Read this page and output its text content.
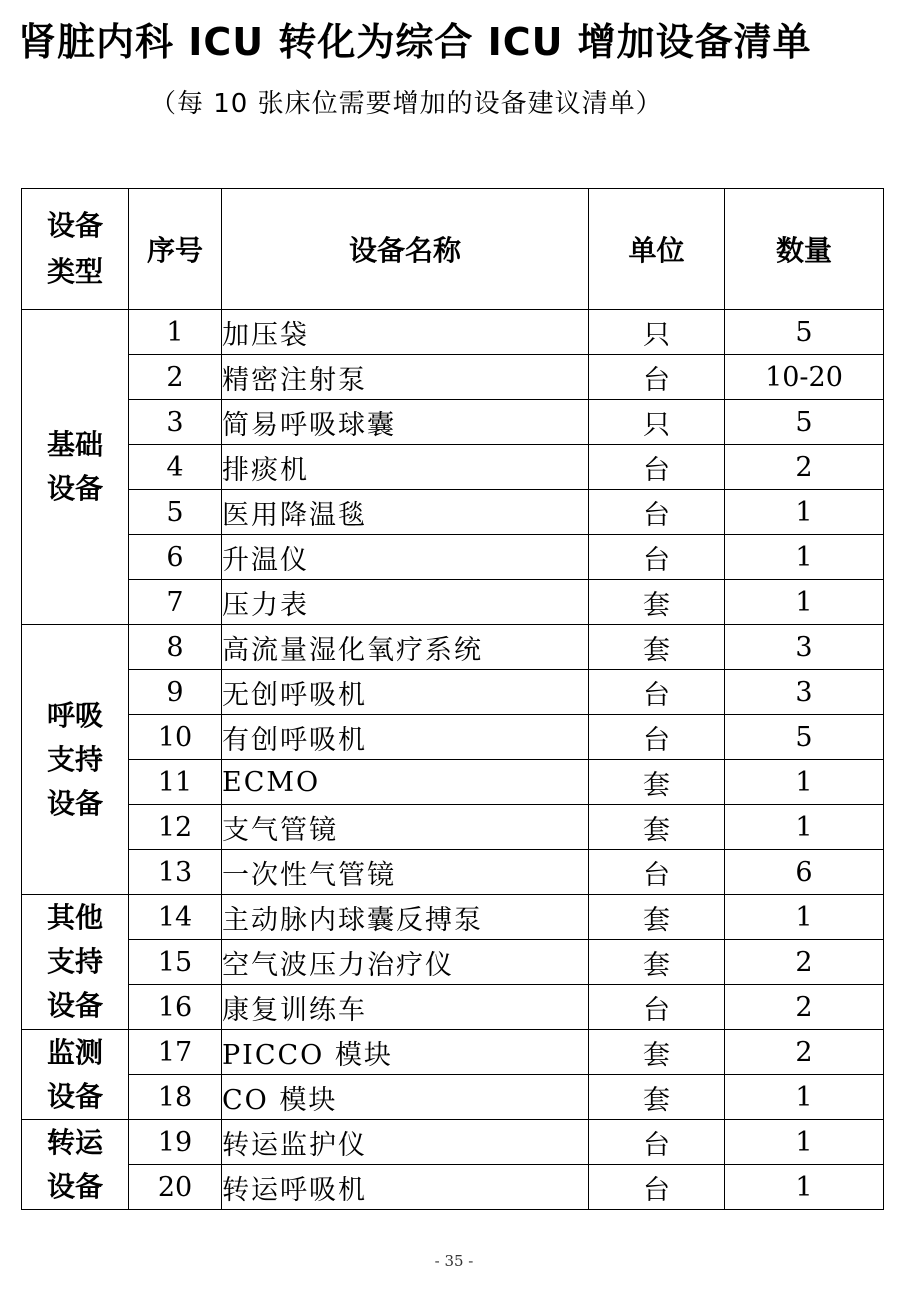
肾脏内科 ICU 转化为综合 ICU 增加设备清单
（每 10 张床位需要增加的设备建议清单）
设备
类型	序号	设备名称	单位	数量

基础
设备	1	加压袋	只	5
	2	精密注射泵	台	10-20
	3	简易呼吸球囊	只	5
	4	排痰机	台	2
	5	医用降温毯	台	1
	6	升温仪	台	1
	7	压力表	套	1

呼吸
支持
设备	8	高流量湿化氧疗系统	套	3
	9	无创呼吸机	台	3
	10	有创呼吸机	台	5
	11	ECMO	套	1
	12	支气管镜	套	1
	13	一次性气管镜	台	6

其他
支持
设备	14	主动脉内球囊反搏泵	套	1
	15	空气波压力治疗仪	套	2
	16	康复训练车	台	2

监测
设备	17	PICCO 模块	套	2
	18	CO 模块	套	1

转运
设备	19	转运监护仪	台	1
	20	转运呼吸机	台	1
- 35 -
